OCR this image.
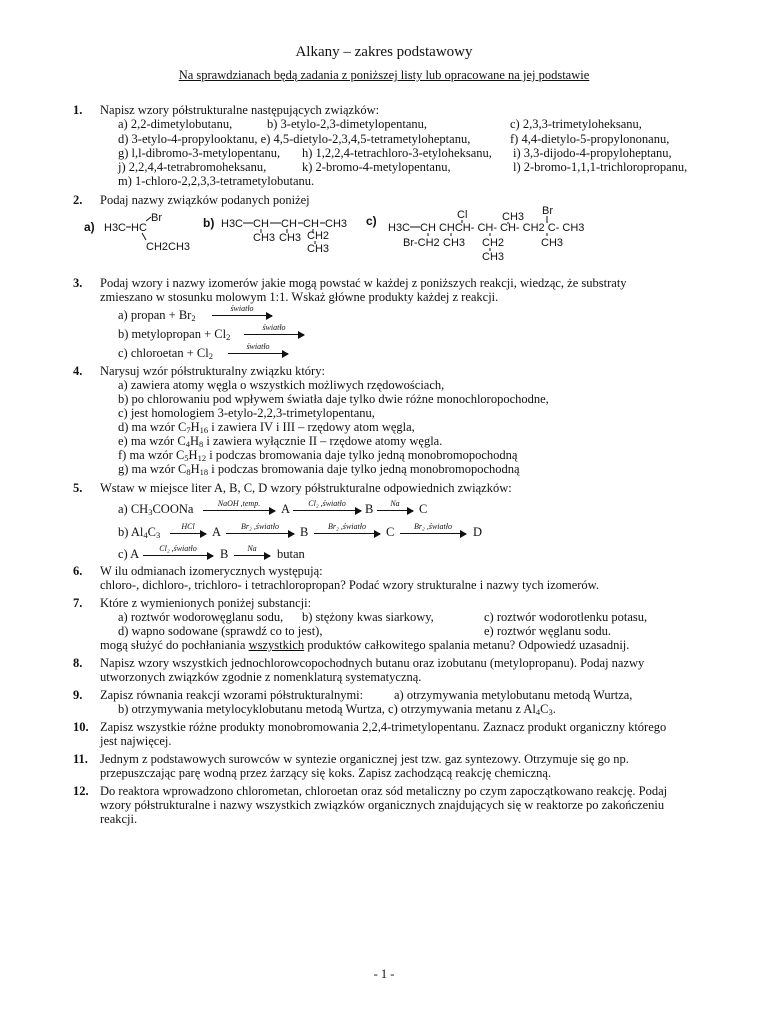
Alkany – zakres podstawowy
Na sprawdzianach będą zadania z poniższej listy lub opracowane na jej podstawie
1. Napisz wzory półstrukturalne następujących związków:
a) 2,2-dimetylobutanu,	b) 3-etylo-2,3-dimetylopentanu,	c) 2,3,3-trimetyloheksanu,
d) 3-etylo-4-propylooktanu, e) 4,5-dietylo-2,3,4,5-tetrametyloheptanu,	f) 4,4-dietylo-5-propylononanu,
g) l,l-dibromo-3-metylopentanu, h) 1,2,2,4-tetrachloro-3-etyloheksanu, i) 3,3-dijodo-4-propyloheptanu,
j) 2,2,4,4-tetrabromoheksanu,	k) 2-bromo-4-metylopentanu,	l) 2-bromo-1,1,1-trichloropropanu,
m) 1-chloro-2,2,3,3-tetrametylobutanu.
2. Podaj nazwy związków podanych poniżej
a) H3C HC
Br
CH2CH3
b) H3C CH CH CH CH3
CH3 CH3 CH2
CH3
c) H3C CH CHCH- CH- CH- CH2 C- CH3
Cl	CH3 Br
Br-CH2 CH3 CH2
CH3
CH3
3. Podaj wzory i nazwy izomerów jakie mogą powstać w każdej z poniższych reakcji, wiedząc, że substraty
zmieszano w stosunku molowym 1:1. Wskaż główne produkty każdej z reakcji.
a) propan + $Br_2$
światło
b) metylopropan + $Cl_2$
światło
c) chloroetan + $Cl_2$
światło
4. Narysuj wzór półstrukturalny związku który:
a) zawiera atomy węgla o wszystkich możliwych rzędowościach,
b) po chlorowaniu pod wpływem światła daje tylko dwie różne monochloropochodne,
c) jest homologiem 3-etylo-2,2,3-trimetylopentanu,
d) ma wzór $C_7H_{16}$ i zawiera IV i III – rzędowy atom węgla,
e) ma wzór $C_4H_8$ i zawiera wyłącznie II – rzędowe atomy węgla.
f) ma wzór $C_5H_{12}$ i podczas bromowania daje tylko jedną monobromopochodną
g) ma wzór $C_8H_{18}$ i podczas bromowania daje tylko jedną monobromopochodną
5. Wstaw w miejsce liter A, B, C, D wzory półstrukturalne odpowiednich związków:
a) $CH_3COONa$	NaOH ,temp.	A	Cl₂ ,światło	B	Na	C
b) $Al_4C_3$
HCl	A	Br₂ ,światło	B	Br₂ ,światło	C	Br₂ ,światło	D
c) A	Cl₂ ,światło	B	Na	butan
6. W ilu odmianach izomerycznych występują:
chloro-, dichloro-, trichloro- i tetrachloropropan? Podać wzory strukturalne i nazwy tych izomerów.
7. Które z wymienionych poniżej substancji:
a) roztwór wodorowęglanu sodu, b) stężony kwas siarkowy,	c) roztwór wodorotlenku potasu,
d) wapno sodowane (sprawdź co to jest),	e) roztwór węglanu sodu.
mogą służyć do pochłaniania wszystkich produktów całkowitego spalania metanu? Odpowiedź uzasadnij.
8. Napisz wzory wszystkich jednochlorowcopochodnych butanu oraz izobutanu (metylopropanu). Podaj nazwy
utworzonych związków zgodnie z nomenklaturą systematyczną.
9. Zapisz równania reakcji wzorami półstrukturalnymi: a) otrzymywania metylobutanu metodą Wurtza,
b) otrzymywania metylocyklobutanu metodą Wurtza, c) otrzymywania metanu z $Al_4C_3$.
10. Zapisz wszystkie różne produkty monobromowania 2,2,4-trimetylopentanu. Zaznacz produkt organiczny którego
jest najwięcej.
11. Jednym z podstawowych surowców w syntezie organicznej jest tzw. gaz syntezowy. Otrzymuje się go np.
przepuszczając parę wodną przez żarzący się koks. Zapisz zachodzącą reakcję chemiczną.
12. Do reaktora wprowadzono chlorometan, chloroetan oraz sód metaliczny po czym zapoczątkowano reakcję. Podaj
wzory półstrukturalne i nazwy wszystkich związków organicznych znajdujących się w reaktorze po zakończeniu
reakcji.
- 1 -
